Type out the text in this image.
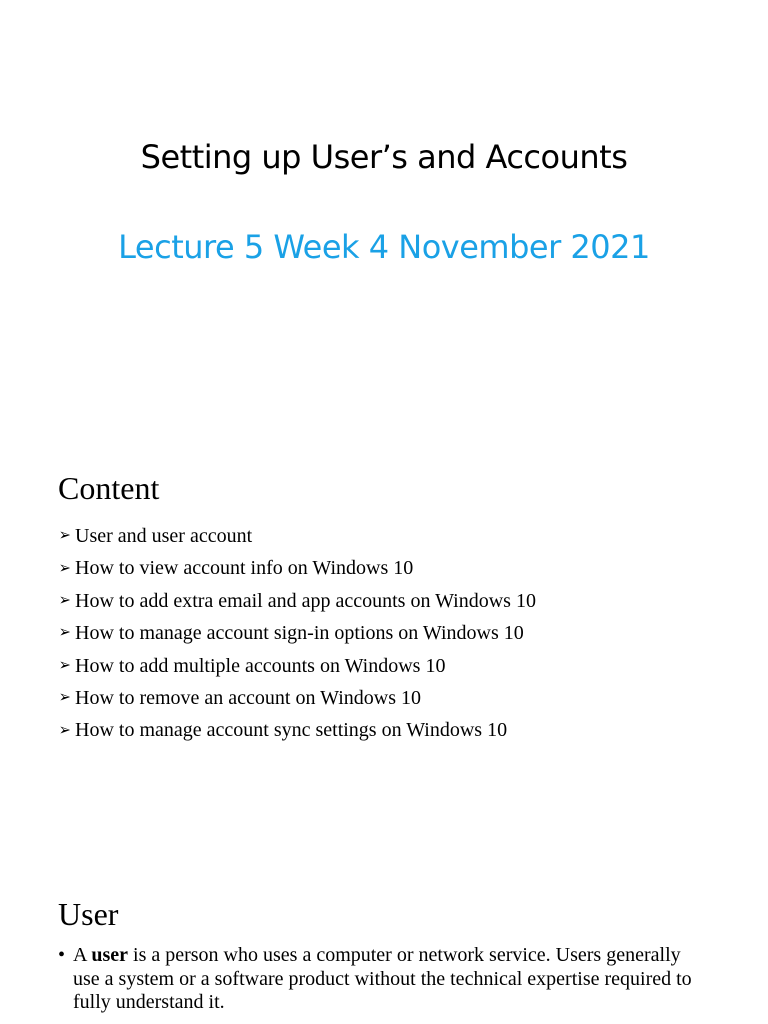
Setting up User’s and Accounts
Lecture 5 Week 4 November 2021
Content
➢ User and user account
➢ How to view account info on Windows 10
➢ How to add extra email and app accounts on Windows 10
➢ How to manage account sign-in options on Windows 10
➢ How to add multiple accounts on Windows 10
➢ How to remove an account on Windows 10
➢ How to manage account sync settings on Windows 10
User
• A user is a person who uses a computer or network service. Users generally use a system or a software product without the technical expertise required to fully understand it.
